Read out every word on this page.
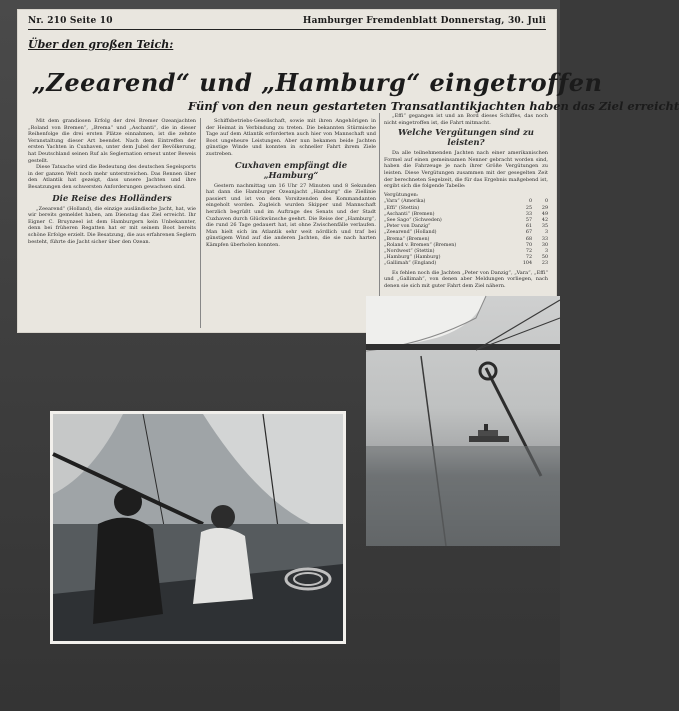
Nr. 210 Seite 10	Hamburger Fremdenblatt Donnerstag, 30. Juli
Über den großen Teich:
„Zeearend“ und „Hamburg“ eingetroffen
Fünf von den neun gestarteten Transatlantikjachten haben das Ziel erreicht

Mit dem grandiosen Erfolg der drei Bremer Ozeanjachten „Roland von Bremen“, „Brema“ und „Aschanti“, die in dieser Reihenfolge die drei ersten Plätze einnahmen, ist die zehnte Veranstaltung dieser Art beendet. Nach dem Eintreffen der ersten Yachten in Cuxhaven, unter dem Jubel der Bevölkerung, hat Deutschland seinen Ruf als Seglernation erneut unter Beweis gestellt.

Diese Tatsache wird die Bedeutung des deutschen Segelsports in der ganzen Welt noch mehr unterstreichen. Das Rennen über den Atlantik hat gezeigt, dass unsere Jachten und ihre Besatzungen den schwersten Anforderungen gewachsen sind.

Die Reise des Holländers

„Zeearend“ (Holland), die einzige ausländische Jacht, hat, wie wir bereits gemeldet haben, am Dienstag das Ziel erreicht. Ihr Eigner C. Bruynzeel ist dem Hamburgern kein Unbekannter, denn bei früheren Regatten hat er mit seinem Boot bereits schöne Erfolge erzielt. Die Besatzung, die aus erfahrenen Seglern besteht, führte die Jacht sicher über den Ozean.

Schiffsbetriebs-Gesellschaft, sowie mit ihren Angehörigen in der Heimat in Verbindung zu treten. Die bekannten Stürmische Tage auf dem Atlantik erforderten auch hier von Mannschaft und Boot ungeheure Leistungen. Aber nun bekamen beide Jachten günstige Winde und konnten in schneller Fahrt ihrem Ziele zustreben.

Cuxhaven empfängt die „Hamburg“

Gestern nachmittag um 16 Uhr 27 Minuten und 8 Sekunden hat dann die Hamburger Ozeanjacht „Hamburg“ die Ziellinie passiert und ist von dem Vorsitzenden des Kommandanten eingeholt worden. Zugleich wurden Skipper und Mannschaft herzlich begrüßt und im Auftrage des Senats und der Stadt Cuxhaven durch Glückwünsche geehrt. Die Reise der „Hamburg“, die rund 26 Tage gedauert hat, ist ohne Zwischenfälle verlaufen. Man hielt sich im Atlantik sehr weit nördlich und traf bei günstigem Wind auf die anderen Jachten, die sie nach harten Kämpfen überholen konnten.

„Effi“ gegangen ist und an Bord dieses Schiffes, das noch nicht eingetroffen ist, die Fahrt mitmacht.

Welche Vergütungen sind zu leisten?

Da alle teilnehmenden Jachten nach einer amerikanischen Formel auf einen gemeinsamen Nenner gebracht worden sind, haben die Fahrzeuge je nach ihrer Größe Vergütungen zu leisten. Diese Vergütungen zusammen mit der gesegelten Zeit der berechneten Segelzeit, die für das Ergebnis maßgebend ist, ergibt sich die folgende Tabelle:

Vergütungen:
„Vara“ (Amerika)	0	0
„Effi“ (Stettin)	25	29
„Aschanti“ (Bremen)	33	49
„See Sago“ (Schweden)	57	42
„Peter von Danzig“	61	35
„Zeearend“ (Holland)	67	3
„Brema“ (Bremen)	68	33
„Roland v. Bremen“ (Bremen)	70	30
„Nordwest“ (Stettin)	72	3
„Hamburg“ (Hamburg)	72	50
„Gallimah“ (England)	104	23

Es fehlen noch die Jachten „Peter von Danzig“, „Vara“, „Effi“ und „Gallimah“, von denen aber Meldungen vorliegen, nach denen sie sich mit guter Fahrt dem Ziel nähern.
